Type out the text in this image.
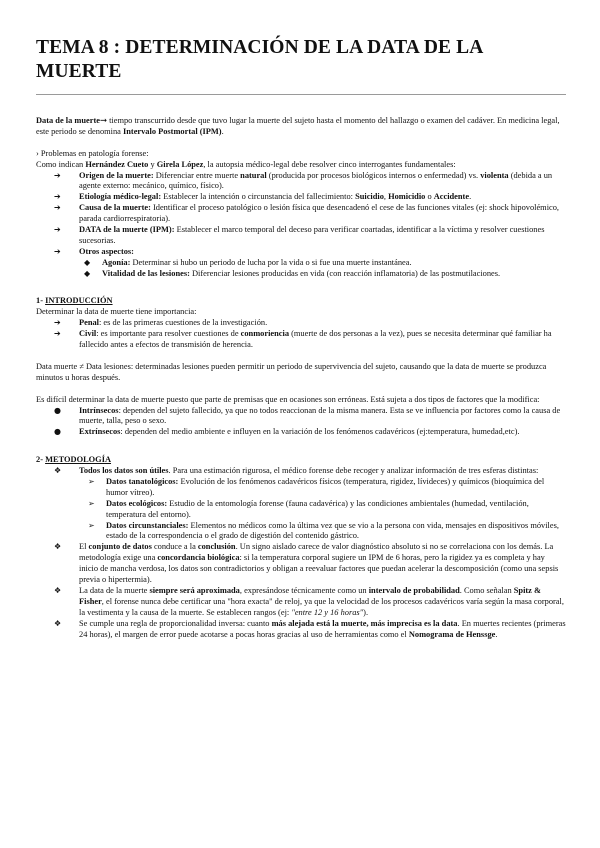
TEMA 8 : DETERMINACIÓN DE LA DATA DE LA MUERTE

Data de la muerte➞ tiempo transcurrido desde que tuvo lugar la muerte del sujeto hasta el momento del hallazgo o examen del cadáver. En medicina legal, este periodo se denomina Intervalo Postmortal (IPM).

› Problemas en patología forense:

Como indican Hernández Cueto y Girela López, la autopsia médico-legal debe resolver cinco interrogantes fundamentales:

➔ Origen de la muerte: Diferenciar entre muerte natural (producida por procesos biológicos internos o enfermedad) vs. violenta (debida a un agente externo: mecánico, químico, físico).
➔ Etiología médico-legal: Establecer la intención o circunstancia del fallecimiento: Suicidio, Homicidio o Accidente.
➔ Causa de la muerte: Identificar el proceso patológico o lesión física que desencadenó el cese de las funciones vitales (ej: shock hipovolémico, parada cardiorrespiratoria).
➔ DATA de la muerte (IPM): Establecer el marco temporal del deceso para verificar coartadas, identificar a la víctima y resolver cuestiones sucesorias.
➔ Otros aspectos:
◆ Agonía: Determinar si hubo un periodo de lucha por la vida o si fue una muerte instantánea.
◆ Vitalidad de las lesiones: Diferenciar lesiones producidas en vida (con reacción inflamatoria) de las postmutilaciones.

1- INTRODUCCIÓN

Determinar la data de muerte tiene importancia:

➔ Penal: es de las primeras cuestiones de la investigación.
➔ Civil: es importante para resolver cuestiones de conmoriencia (muerte de dos personas a la vez), pues se necesita determinar qué familiar ha fallecido antes a efectos de transmisión de herencia.

Data muerte ≠ Data lesiones: determinadas lesiones pueden permitir un periodo de supervivencia del sujeto, causando que la data de muerte se produzca minutos u horas después.

Es difícil determinar la data de muerte puesto que parte de premisas que en ocasiones son erróneas. Está sujeta a dos tipos de factores que la modifica:

● Intrínsecos: dependen del sujeto fallecido, ya que no todos reaccionan de la misma manera. Esta se ve influencia por factores como la causa de muerte, talla, peso o sexo.
● Extrínsecos: dependen del medio ambiente e influyen en la variación de los fenómenos cadavéricos (ej:temperatura, humedad,etc).

2- METODOLOGÍA

❖ Todos los datos son útiles. Para una estimación rigurosa, el médico forense debe recoger y analizar información de tres esferas distintas:
➢ Datos tanatológicos: Evolución de los fenómenos cadavéricos físicos (temperatura, rigidez, lívideces) y químicos (bioquímica del humor vítreo).
➢ Datos ecológicos: Estudio de la entomología forense (fauna cadavérica) y las condiciones ambientales (humedad, ventilación, temperatura del entorno).
➢ Datos circunstanciales: Elementos no médicos como la última vez que se vio a la persona con vida, mensajes en dispositivos móviles, estado de la correspondencia o el grado de digestión del contenido gástrico.
❖ El conjunto de datos conduce a la conclusión. Un signo aislado carece de valor diagnóstico absoluto si no se correlaciona con los demás. La metodología exige una concordancia biológica: si la temperatura corporal sugiere un IPM de 6 horas, pero la rigidez ya es completa y hay inicio de mancha verdosa, los datos son contradictorios y obligan a reevaluar factores que puedan acelerar la descomposición (como una sepsis previa o hipertermia).
❖ La data de la muerte siempre será aproximada, expresándose técnicamente como un intervalo de probabilidad. Como señalan Spitz & Fisher, el forense nunca debe certificar una "hora exacta" de reloj, ya que la velocidad de los procesos cadavéricos varía según la masa corporal, la vestimenta y la causa de la muerte. Se establecen rangos (ej: "entre 12 y 16 horas").
❖ Se cumple una regla de proporcionalidad inversa: cuanto más alejada está la muerte, más imprecisa es la data. En muertes recientes (primeras 24 horas), el margen de error puede acotarse a pocas horas gracias al uso de herramientas como el Nomograma de Henssge.
